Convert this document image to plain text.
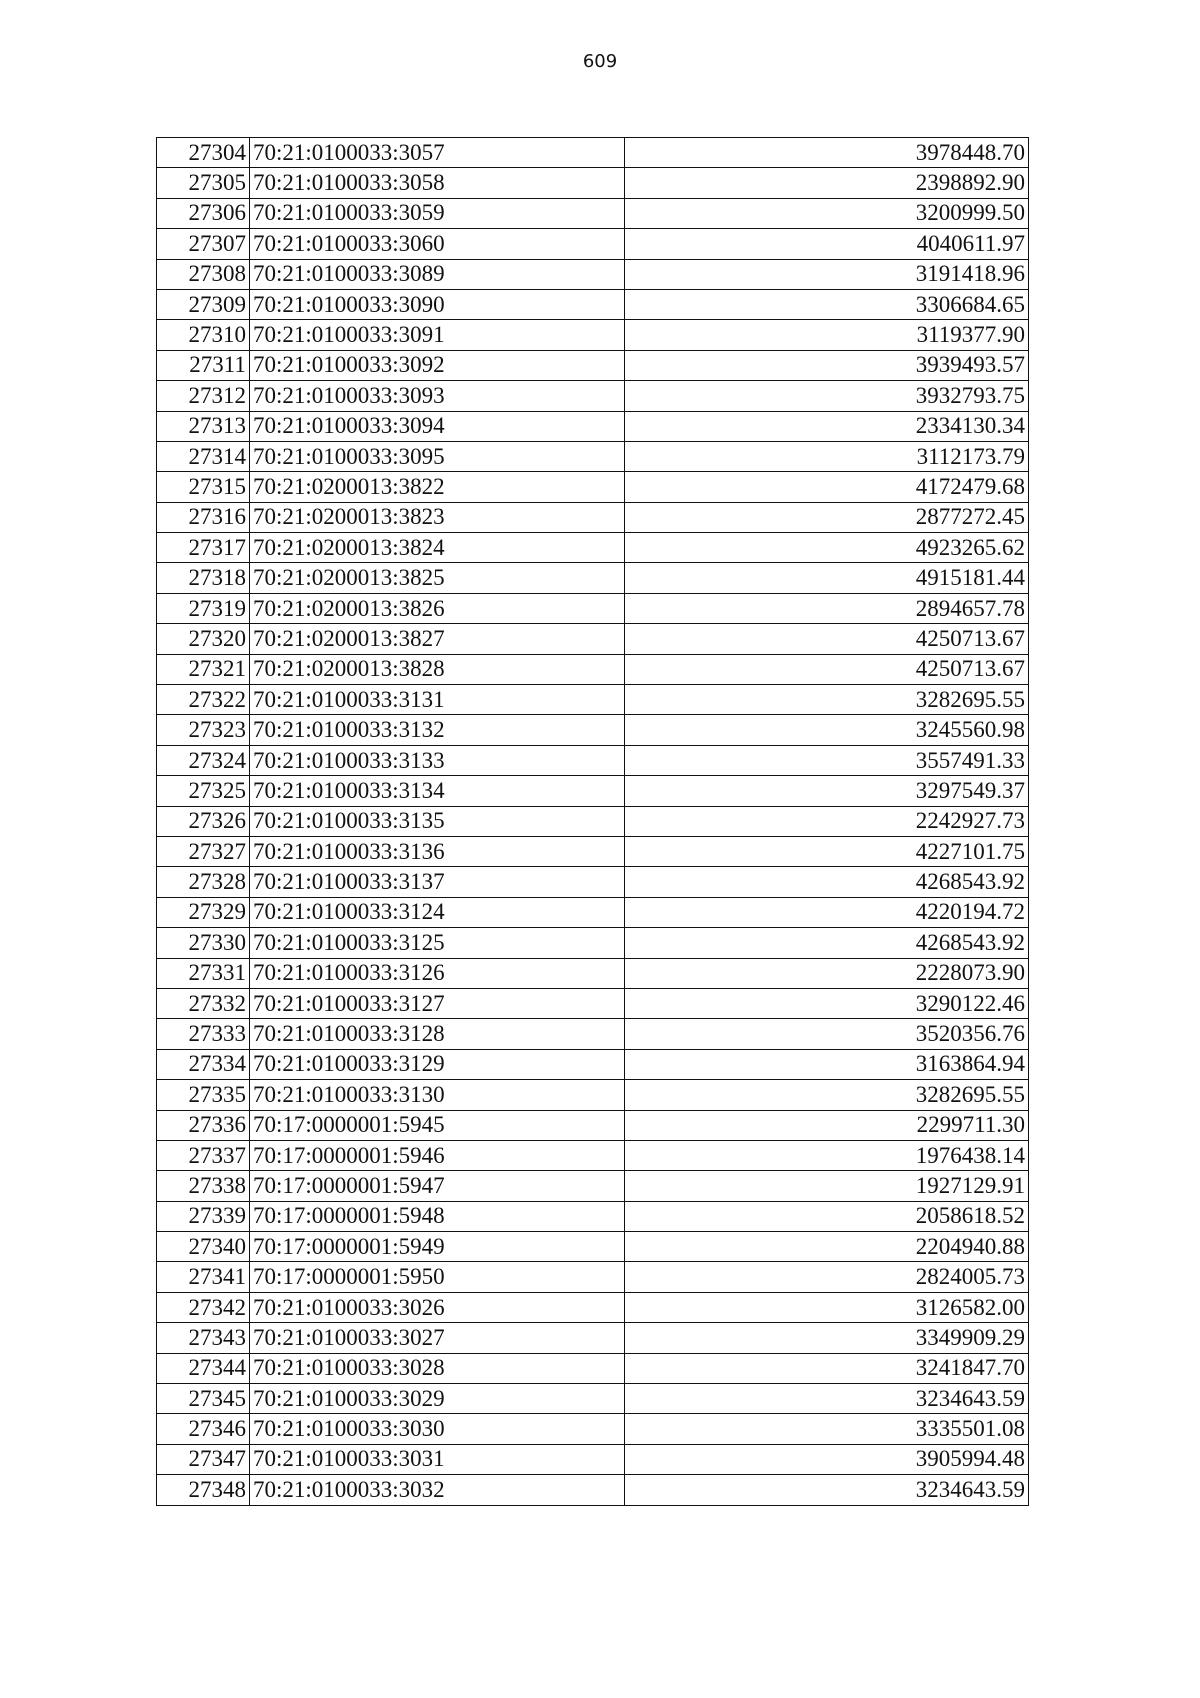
609
27304	70:21:0100033:3057	3978448.70
27305	70:21:0100033:3058	2398892.90
27306	70:21:0100033:3059	3200999.50
27307	70:21:0100033:3060	4040611.97
27308	70:21:0100033:3089	3191418.96
27309	70:21:0100033:3090	3306684.65
27310	70:21:0100033:3091	3119377.90
27311	70:21:0100033:3092	3939493.57
27312	70:21:0100033:3093	3932793.75
27313	70:21:0100033:3094	2334130.34
27314	70:21:0100033:3095	3112173.79
27315	70:21:0200013:3822	4172479.68
27316	70:21:0200013:3823	2877272.45
27317	70:21:0200013:3824	4923265.62
27318	70:21:0200013:3825	4915181.44
27319	70:21:0200013:3826	2894657.78
27320	70:21:0200013:3827	4250713.67
27321	70:21:0200013:3828	4250713.67
27322	70:21:0100033:3131	3282695.55
27323	70:21:0100033:3132	3245560.98
27324	70:21:0100033:3133	3557491.33
27325	70:21:0100033:3134	3297549.37
27326	70:21:0100033:3135	2242927.73
27327	70:21:0100033:3136	4227101.75
27328	70:21:0100033:3137	4268543.92
27329	70:21:0100033:3124	4220194.72
27330	70:21:0100033:3125	4268543.92
27331	70:21:0100033:3126	2228073.90
27332	70:21:0100033:3127	3290122.46
27333	70:21:0100033:3128	3520356.76
27334	70:21:0100033:3129	3163864.94
27335	70:21:0100033:3130	3282695.55
27336	70:17:0000001:5945	2299711.30
27337	70:17:0000001:5946	1976438.14
27338	70:17:0000001:5947	1927129.91
27339	70:17:0000001:5948	2058618.52
27340	70:17:0000001:5949	2204940.88
27341	70:17:0000001:5950	2824005.73
27342	70:21:0100033:3026	3126582.00
27343	70:21:0100033:3027	3349909.29
27344	70:21:0100033:3028	3241847.70
27345	70:21:0100033:3029	3234643.59
27346	70:21:0100033:3030	3335501.08
27347	70:21:0100033:3031	3905994.48
27348	70:21:0100033:3032	3234643.59
